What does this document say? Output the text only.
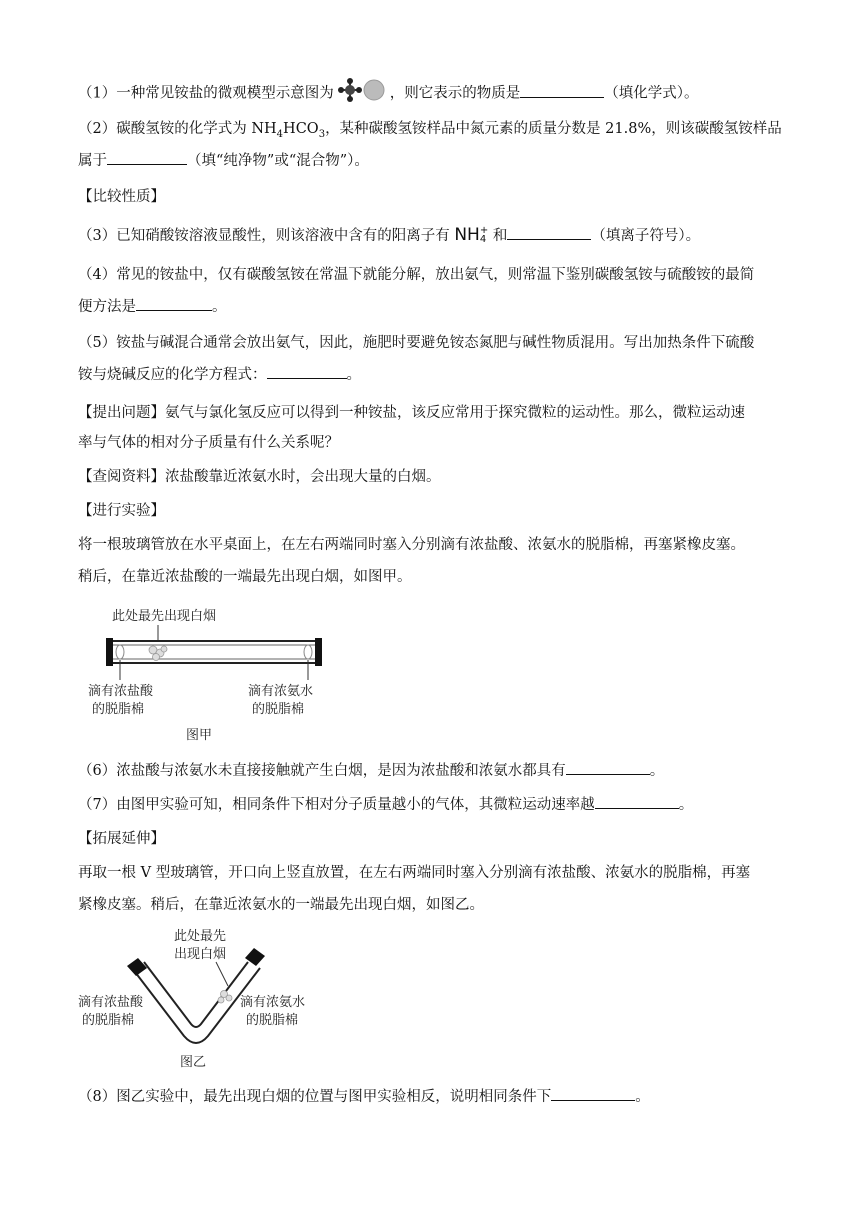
（1）一种常见铵盐的微观模型示意图为	，则它表示的物质是	（填化学式）。
（2）碳酸氢铵的化学式为 $NH_4HCO_3$，某种碳酸氢铵样品中氮元素的质量分数是 21.8%，则该碳酸氢铵样品
属于	（填“纯净物”或“混合物”）。
【比较性质】
（3）已知硝酸铵溶液显酸性，则该溶液中含有的阳离子有 NH +
4 和	（填离子符号）。
（4）常见的铵盐中，仅有碳酸氢铵在常温下就能分解，放出氨气，则常温下鉴别碳酸氢铵与硫酸铵的最简
便方法是	。
（5）铵盐与碱混合通常会放出氨气，因此，施肥时要避免铵态氮肥与碱性物质混用。写出加热条件下硫酸
铵与烧碱反应的化学方程式：	。
【提出问题】氨气与氯化氢反应可以得到一种铵盐，该反应常用于探究微粒的运动性。那么，微粒运动速
率与气体的相对分子质量有什么关系呢？
【查阅资料】浓盐酸靠近浓氨水时，会出现大量的白烟。
【进行实验】
将一根玻璃管放在水平桌面上，在左右两端同时塞入分别滴有浓盐酸、浓氨水的脱脂棉，再塞紧橡皮塞。
稍后，在靠近浓盐酸的一端最先出现白烟，如图甲。
此处最先出现白烟
滴有浓盐酸
的脱脂棉
滴有浓氨水
的脱脂棉
图甲
（6）浓盐酸与浓氨水未直接接触就产生白烟，是因为浓盐酸和浓氨水都具有	。
（7）由图甲实验可知，相同条件下相对分子质量越小的气体，其微粒运动速率越	。
【拓展延伸】
再取一根 V 型玻璃管，开口向上竖直放置，在左右两端同时塞入分别滴有浓盐酸、浓氨水的脱脂棉，再塞
紧橡皮塞。稍后，在靠近浓氨水的一端最先出现白烟，如图乙。
此处最先
出现白烟
滴有浓盐酸
的脱脂棉
滴有浓氨水
的脱脂棉
图乙
（8）图乙实验中，最先出现白烟的位置与图甲实验相反，说明相同条件下	。
